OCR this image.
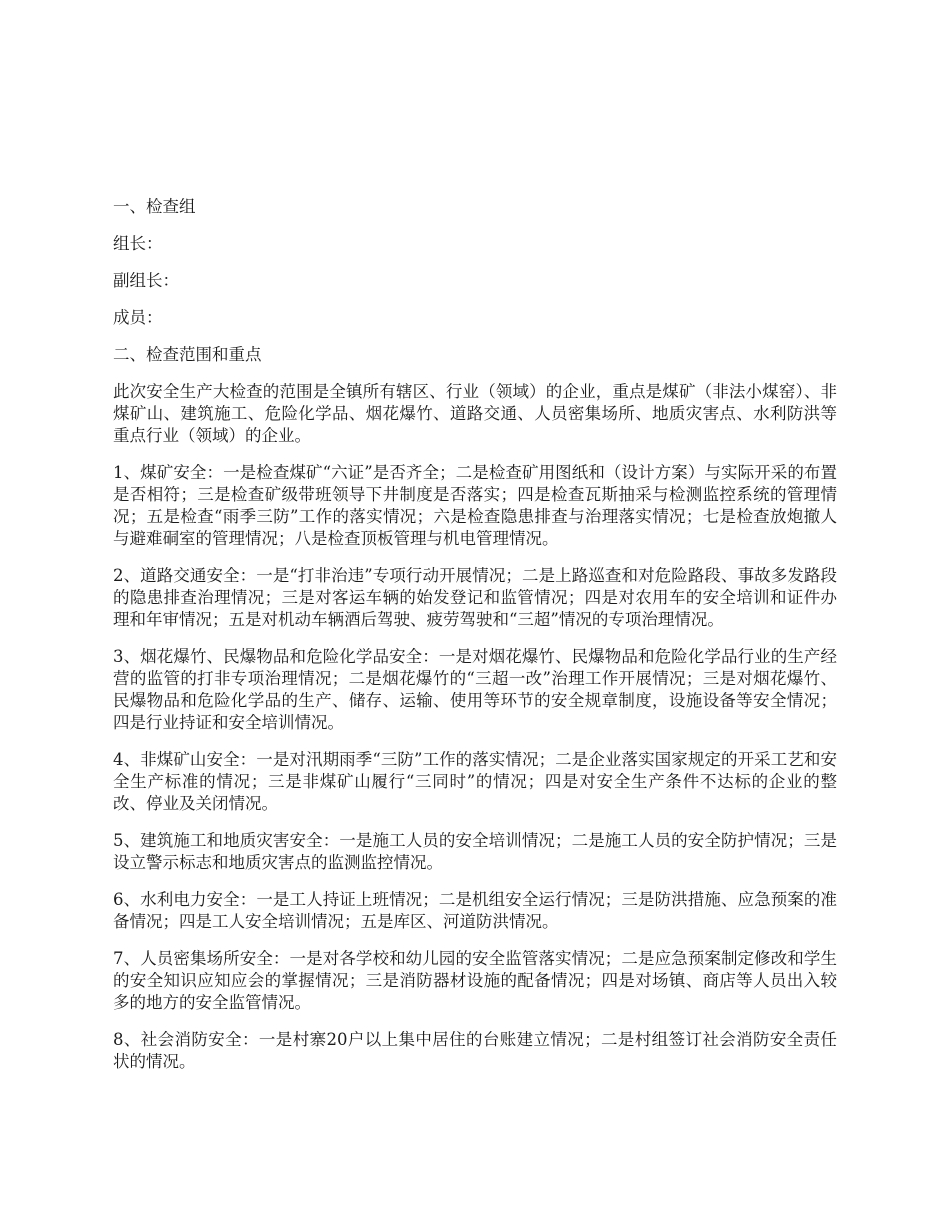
一、检查组

组长：

副组长：

成员：

二、检查范围和重点

此次安全生产大检查的范围是全镇所有辖区、行业（领域）的企业，重点是煤矿（非法小煤窑）、非煤矿山、建筑施工、危险化学品、烟花爆竹、道路交通、人员密集场所、地质灾害点、水利防洪等重点行业（领域）的企业。

1、煤矿安全：一是检查煤矿“六证”是否齐全；二是检查矿用图纸和（设计方案）与实际开采的布置是否相符；三是检查矿级带班领导下井制度是否落实；四是检查瓦斯抽采与检测监控系统的管理情况；五是检查“雨季三防”工作的落实情况；六是检查隐患排查与治理落实情况；七是检查放炮撤人与避难硐室的管理情况；八是检查顶板管理与机电管理情况。

2、道路交通安全：一是“打非治违”专项行动开展情况；二是上路巡查和对危险路段、事故多发路段的隐患排查治理情况；三是对客运车辆的始发登记和监管情况；四是对农用车的安全培训和证件办理和年审情况；五是对机动车辆酒后驾驶、疲劳驾驶和“三超”情况的专项治理情况。

3、烟花爆竹、民爆物品和危险化学品安全：一是对烟花爆竹、民爆物品和危险化学品行业的生产经营的监管的打非专项治理情况；二是烟花爆竹的“三超一改”治理工作开展情况；三是对烟花爆竹、民爆物品和危险化学品的生产、储存、运输、使用等环节的安全规章制度，设施设备等安全情况；四是行业持证和安全培训情况。

4、非煤矿山安全：一是对汛期雨季“三防”工作的落实情况；二是企业落实国家规定的开采工艺和安全生产标准的情况；三是非煤矿山履行“三同时”的情况；四是对安全生产条件不达标的企业的整改、停业及关闭情况。

5、建筑施工和地质灾害安全：一是施工人员的安全培训情况；二是施工人员的安全防护情况；三是设立警示标志和地质灾害点的监测监控情况。

6、水利电力安全：一是工人持证上班情况；二是机组安全运行情况；三是防洪措施、应急预案的准备情况；四是工人安全培训情况；五是库区、河道防洪情况。

7、人员密集场所安全：一是对各学校和幼儿园的安全监管落实情况；二是应急预案制定修改和学生的安全知识应知应会的掌握情况；三是消防器材设施的配备情况；四是对场镇、商店等人员出入较多的地方的安全监管情况。

8、社会消防安全：一是村寨20户以上集中居住的台账建立情况；二是村组签订社会消防安全责任状的情况。
